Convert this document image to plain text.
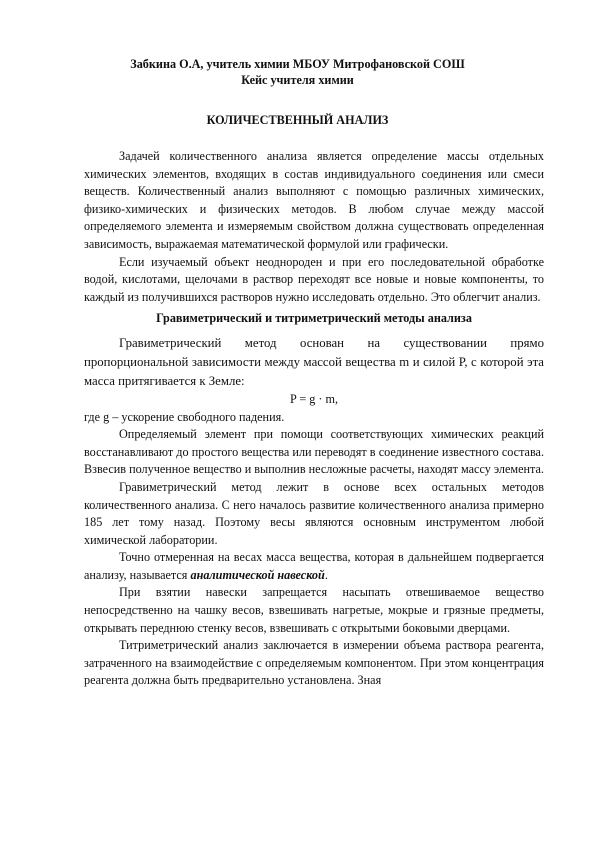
Забкина О.А, учитель химии МБОУ Митрофановской СОШ
Кейс учителя химии
КОЛИЧЕСТВЕННЫЙ АНАЛИЗ

Задачей количественного анализа является определение массы отдельных химических элементов, входящих в состав индивидуального соединения или смеси веществ. Количественный анализ выполняют с помощью различных химических, физико-химических и физических методов. В любом случае между массой определяемого элемента и измеряемым свойством должна существовать определенная зависимость, выражаемая математической формулой или графически.

Если изучаемый объект неоднороден и при его последовательной обработке водой, кислотами, щелочами в раствор переходят все новые и новые компоненты, то каждый из получившихся растворов нужно исследовать отдельно. Это облегчит анализ.

Гравиметрический и титриметрический методы анализа

Гравиметрический метод основан на существовании прямо пропорциональной зависимости между массой вещества m и силой Р, с которой эта масса притягивается к Земле:

P = g · m,

где g – ускорение свободного падения.

Определяемый элемент при помощи соответствующих химических реакций восстанавливают до простого вещества или переводят в соединение известного состава. Взвесив полученное вещество и выполнив несложные расчеты, находят массу элемента.

Гравиметрический метод лежит в основе всех остальных методов количественного анализа. С него началось развитие количественного анализа примерно 185 лет тому назад. Поэтому весы являются основным инструментом любой химической лаборатории.

Точно отмеренная на весах масса вещества, которая в дальнейшем подвергается анализу, называется аналитической навеской.

При взятии навески запрещается насыпать отвешиваемое вещество непосредственно на чашку весов, взвешивать нагретые, мокрые и грязные предметы, открывать переднюю стенку весов, взвешивать с открытыми боковыми дверцами.

Титриметрический анализ заключается в измерении объема раствора реагента, затраченного на взаимодействие с определяемым компонентом. При этом концентрация реагента должна быть предварительно установлена. Зная
